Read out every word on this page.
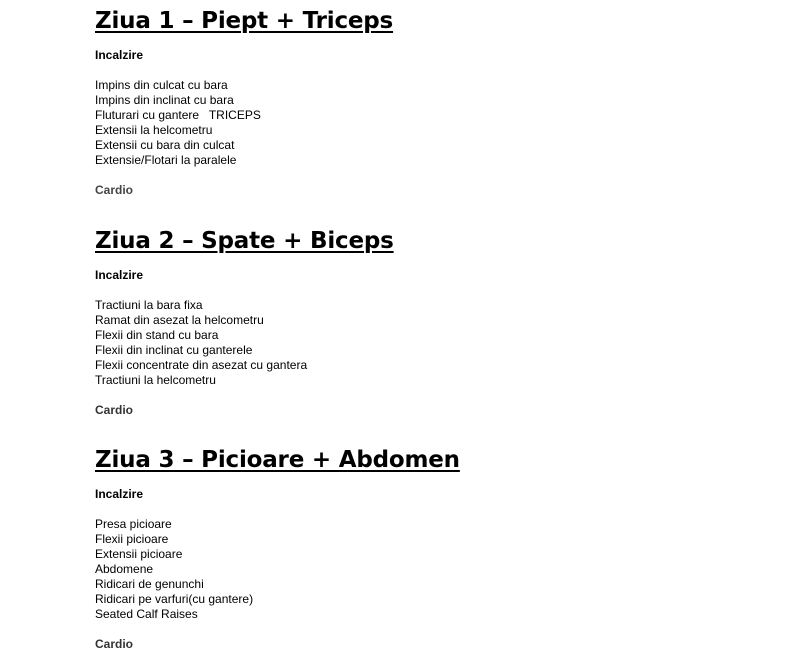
Ziua 1 – Piept + Triceps
Incalzire
Impins din culcat cu bara
Impins din inclinat cu bara
Fluturari cu gantere   TRICEPS
Extensii la helcometru
Extensii cu bara din culcat
Extensie/Flotari la paralele
Cardio
Ziua 2 – Spate + Biceps
Incalzire
Tractiuni la bara fixa
Ramat din asezat la helcometru
Flexii din stand cu bara
Flexii din inclinat cu ganterele
Flexii concentrate din asezat cu gantera
Tractiuni la helcometru
Cardio
Ziua 3 – Picioare + Abdomen
Incalzire
Presa picioare
Flexii picioare
Extensii picioare
Abdomene
Ridicari de genunchi
Ridicari pe varfuri(cu gantere)
Seated Calf Raises
Cardio
